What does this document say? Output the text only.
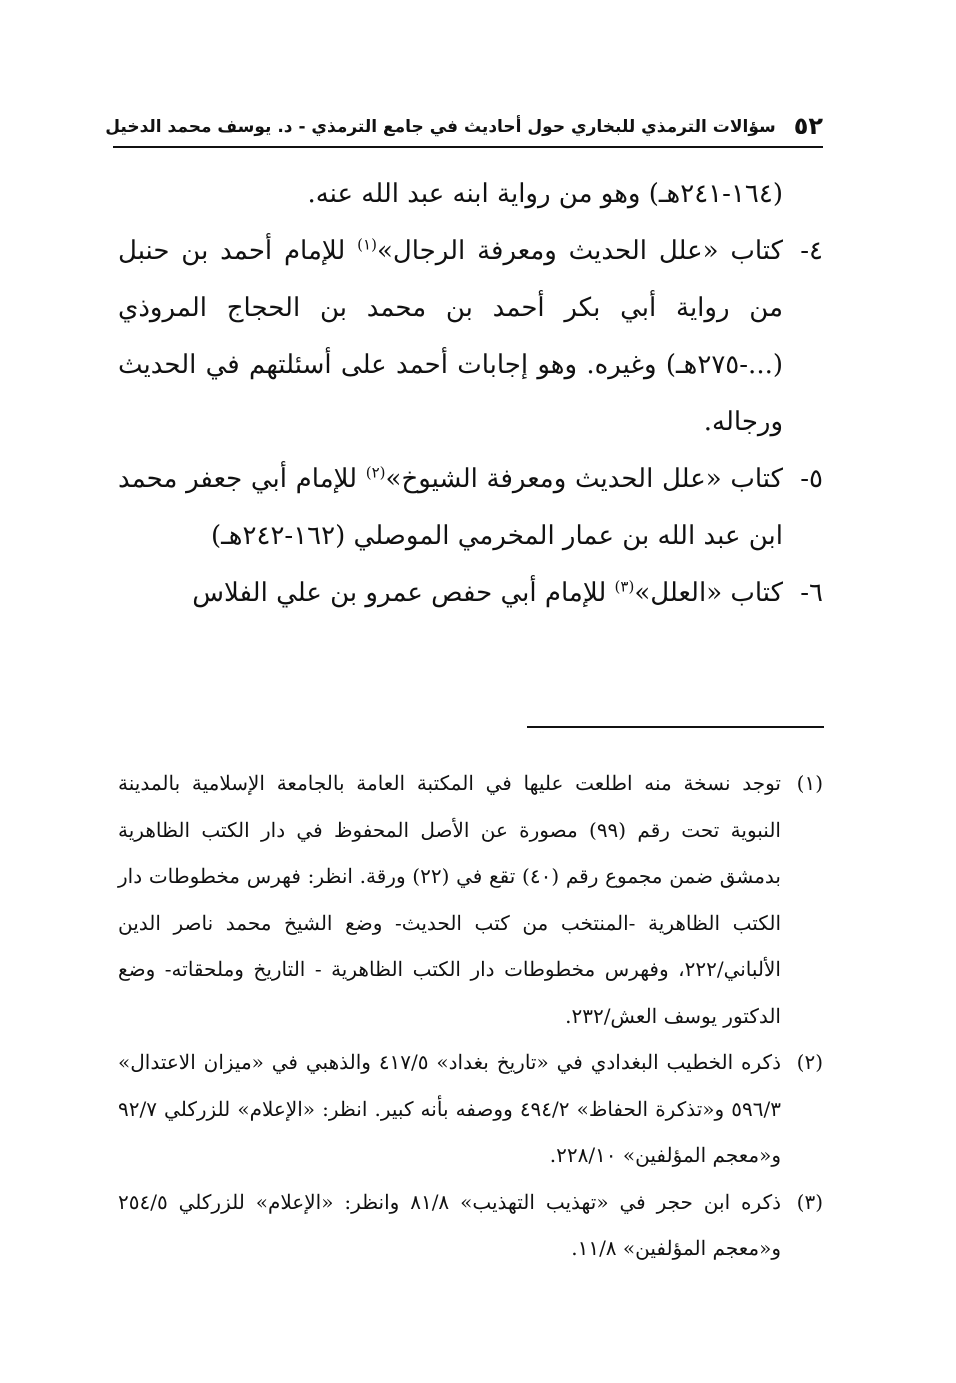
٥٢
سؤالات الترمذي للبخاري حول أحاديث في جامع الترمذي - د. يوسف محمد الدخيل

(١٦٤-٢٤١هـ) وهو من رواية ابنه عبد الله عنه.

٤-
كتاب «علل الحديث ومعرفة الرجال»$^{(١)}$ للإمام أحمد بن حنبل من رواية أبي بكر أحمد بن محمد بن الحجاج المروذي (...-٢٧٥هـ) وغيره. وهو إجابات أحمد على أسئلتهم في الحديث ورجاله.
٥-
كتاب «علل الحديث ومعرفة الشيوخ»$^{(٢)}$ للإمام أبي جعفر محمد ابن عبد الله بن عمار المخرمي الموصلي (١٦٢-٢٤٢هـ)
٦-
كتاب «العلل»$^{(٣)}$ للإمام أبي حفص عمرو بن علي الفلاس
(١)
توجد نسخة منه اطلعت عليها في المكتبة العامة بالجامعة الإسلامية بالمدينة النبوية تحت رقم (٩٩) مصورة عن الأصل المحفوظ في دار الكتب الظاهرية بدمشق ضمن مجموع رقم (٤٠) تقع في (٢٢) ورقة. انظر: فهرس مخطوطات دار الكتب الظاهرية -المنتخب من كتب الحديث- وضع الشيخ محمد ناصر الدين الألباني/٢٢٢، وفهرس مخطوطات دار الكتب الظاهرية - التاريخ وملحقاته- وضع الدكتور يوسف العش/٢٣٢.
(٢)
ذكره الخطيب البغدادي في «تاريخ بغداد» ٤١٧/٥ والذهبي في «ميزان الاعتدال» ٥٩٦/٣ و«تذكرة الحفاظ» ٤٩٤/٢ ووصفه بأنه كبير. انظر: «الإعلام» للزركلي ٩٢/٧ و«معجم المؤلفين» ٢٢٨/١٠.
(٣)
ذكره ابن حجر في «تهذيب التهذيب» ٨١/٨ وانظر: «الإعلام» للزركلي ٢٥٤/٥ و«معجم المؤلفين» ١١/٨.
